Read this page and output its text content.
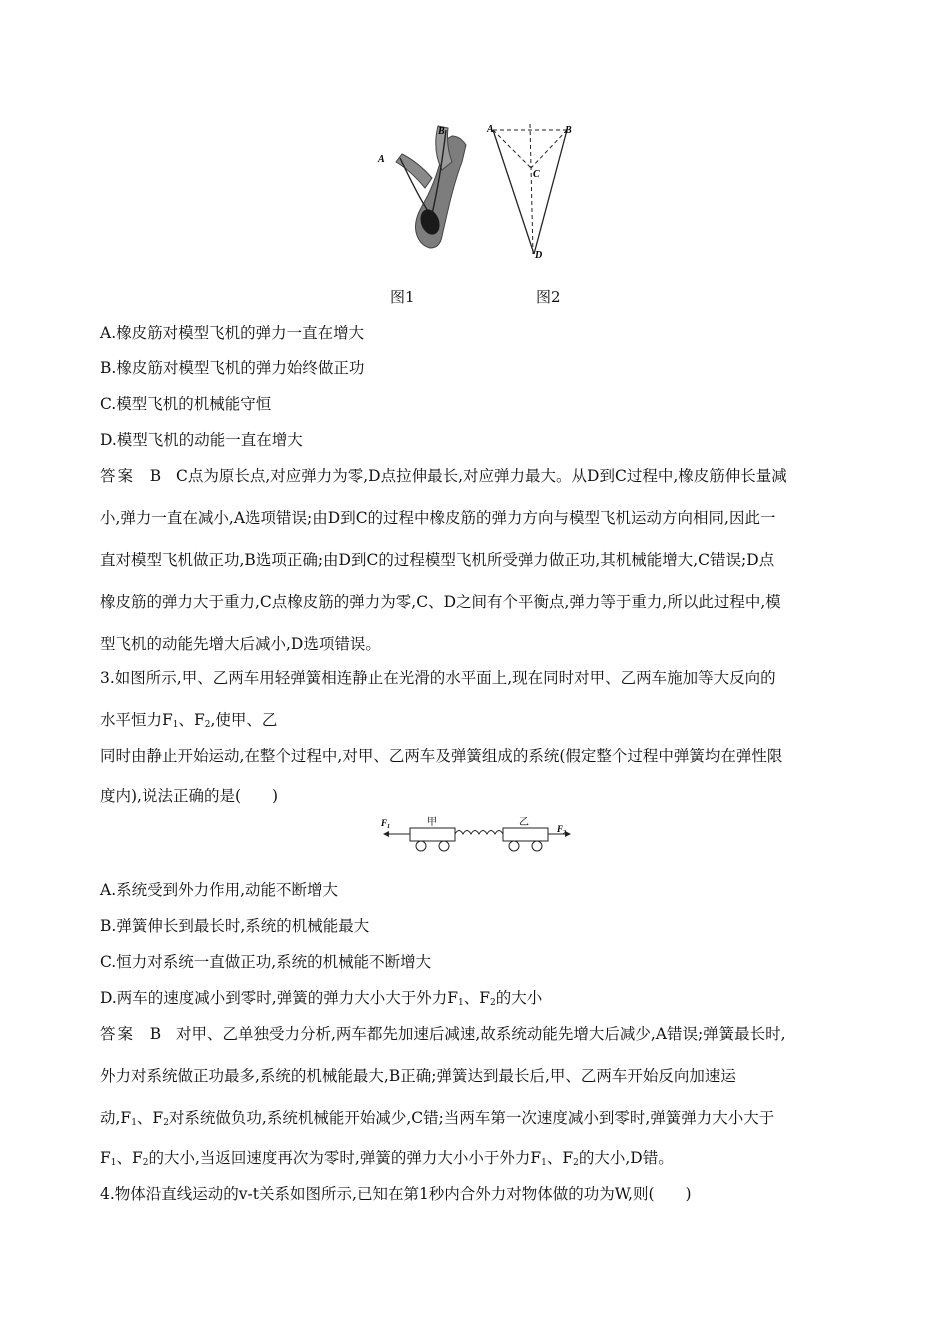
A
B	A	B
C
D
图1	图2
A.橡皮筋对模型飞机的弹力一直在增大
B.橡皮筋对模型飞机的弹力始终做正功
C.模型飞机的机械能守恒
D.模型飞机的动能一直在增大
答案 B C点为原长点,对应弹力为零,D点拉伸最长,对应弹力最大。从D到C过程中,橡皮筋伸长量减
小,弹力一直在减小,A选项错误;由D到C的过程中橡皮筋的弹力方向与模型飞机运动方向相同,因此一
直对模型飞机做正功,B选项正确;由D到C的过程模型飞机所受弹力做正功,其机械能增大,C错误;D点
橡皮筋的弹力大于重力,C点橡皮筋的弹力为零,C、D之间有个平衡点,弹力等于重力,所以此过程中,模
型飞机的动能先增大后减小,D选项错误。
3.如图所示,甲、乙两车用轻弹簧相连静止在光滑的水平面上,现在同时对甲、乙两车施加等大反向的
水平恒力$F_1$、$F_2$,使甲、乙
同时由静止开始运动,在整个过程中,对甲、乙两车及弹簧组成的系统(假定整个过程中弹簧均在弹性限
度内),说法正确的是(　　)
$F_1$	甲	乙
$F_2$
A.系统受到外力作用,动能不断增大
B.弹簧伸长到最长时,系统的机械能最大
C.恒力对系统一直做正功,系统的机械能不断增大
D.两车的速度减小到零时,弹簧的弹力大小大于外力$F_1$、$F_2$的大小
答案 B 对甲、乙单独受力分析,两车都先加速后减速,故系统动能先增大后减少,A错误;弹簧最长时,
外力对系统做正功最多,系统的机械能最大,B正确;弹簧达到最长后,甲、乙两车开始反向加速运
动$,F_1$、$F_2$对系统做负功,系统机械能开始减少,C错;当两车第一次速度减小到零时,弹簧弹力大小大于
$F_1$、$F_2$的大小,当返回速度再次为零时,弹簧的弹力大小小于外力$F_1$、$F_2$的大小,D错。
4.物体沿直线运动的v-t关系如图所示,已知在第1秒内合外力对物体做的功为W,则(　　)
